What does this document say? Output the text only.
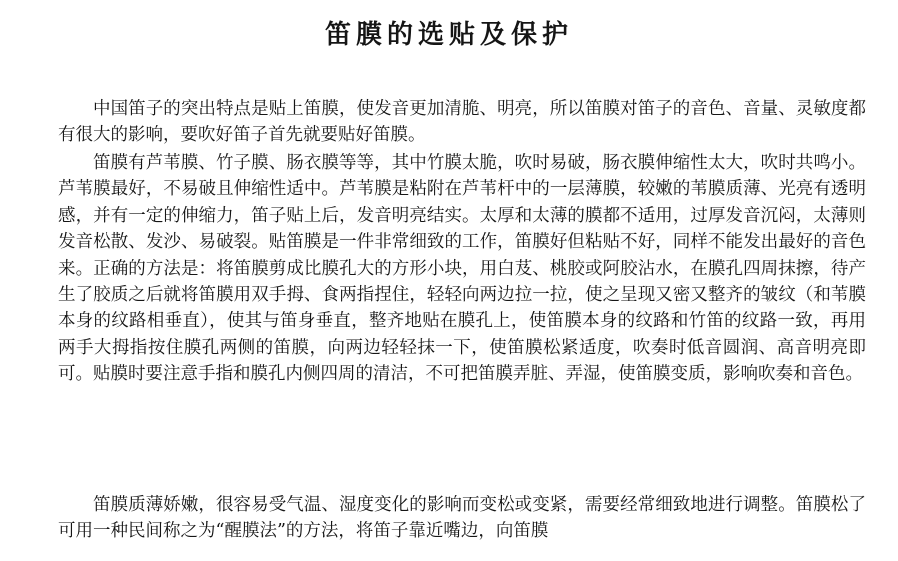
笛膜的选贴及保护

中国笛子的突出特点是贴上笛膜，使发音更加清脆、明亮，所以笛膜对笛子的音色、音量、灵敏度都有很大的影响，要吹好笛子首先就要贴好笛膜。

笛膜有芦苇膜、竹子膜、肠衣膜等等，其中竹膜太脆，吹时易破，肠衣膜伸缩性太大，吹时共鸣小。芦苇膜最好，不易破且伸缩性适中。芦苇膜是粘附在芦苇杆中的一层薄膜，较嫩的苇膜质薄、光亮有透明感，并有一定的伸缩力，笛子贴上后，发音明亮结实。太厚和太薄的膜都不适用，过厚发音沉闷，太薄则发音松散、发沙、易破裂。贴笛膜是一件非常细致的工作，笛膜好但粘贴不好，同样不能发出最好的音色来。正确的方法是：将笛膜剪成比膜孔大的方形小块，用白芨、桃胶或阿胶沾水，在膜孔四周抹擦，待产生了胶质之后就将笛膜用双手拇、食两指捏住，轻轻向两边拉一拉，使之呈现又密又整齐的皱纹（和苇膜本身的纹路相垂直），使其与笛身垂直，整齐地贴在膜孔上，使笛膜本身的纹路和竹笛的纹路一致，再用两手大拇指按住膜孔两侧的笛膜，向两边轻轻抹一下，使笛膜松紧适度，吹奏时低音圆润、高音明亮即可。贴膜时要注意手指和膜孔内侧四周的清洁，不可把笛膜弄脏、弄湿，使笛膜变质，影响吹奏和音色。

笛膜质薄娇嫩，很容易受气温、湿度变化的影响而变松或变紧，需要经常细致地进行调整。笛膜松了可用一种民间称之为“醒膜法”的方法，将笛子靠近嘴边，向笛膜
